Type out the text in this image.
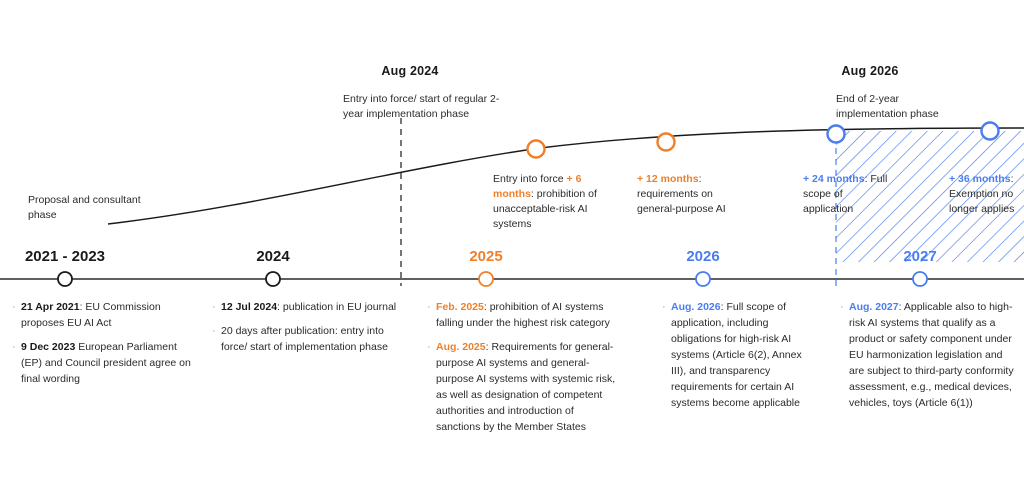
Aug 2024
Entry into force/ start of regular 2-year implementation phase
Aug 2026
End of 2-year implementation phase
Proposal and consultant phase
Entry into force + 6 months: prohibition of unacceptable-risk AI systems
+ 12 months: requirements on general-purpose AI
+ 24 months: Full scope of application
+ 36 months: Exemption no longer applies
2021 - 2023	2024	2025	2026	2027
· 21 Apr 2021: EU Commission proposes EU AI Act
· 9 Dec 2023 European Parliament (EP) and Council president agree on final wording
· 12 Jul 2024: publication in EU journal
· 20 days after publication: entry into force/ start of implementation phase
· Feb. 2025: prohibition of AI systems falling under the highest risk category
· Aug. 2025: Requirements for general-purpose AI systems and general-purpose AI systems with systemic risk, as well as designation of competent authorities and introduction of sanctions by the Member States
· Aug. 2026: Full scope of application, including obligations for high-risk AI systems (Article 6(2), Annex III), and transparency requirements for certain AI systems become applicable
· Aug. 2027: Applicable also to high-risk AI systems that qualify as a product or safety component under EU harmonization legislation and are subject to third-party conformity assessment, e.g., medical devices, vehicles, toys (Article 6(1))
